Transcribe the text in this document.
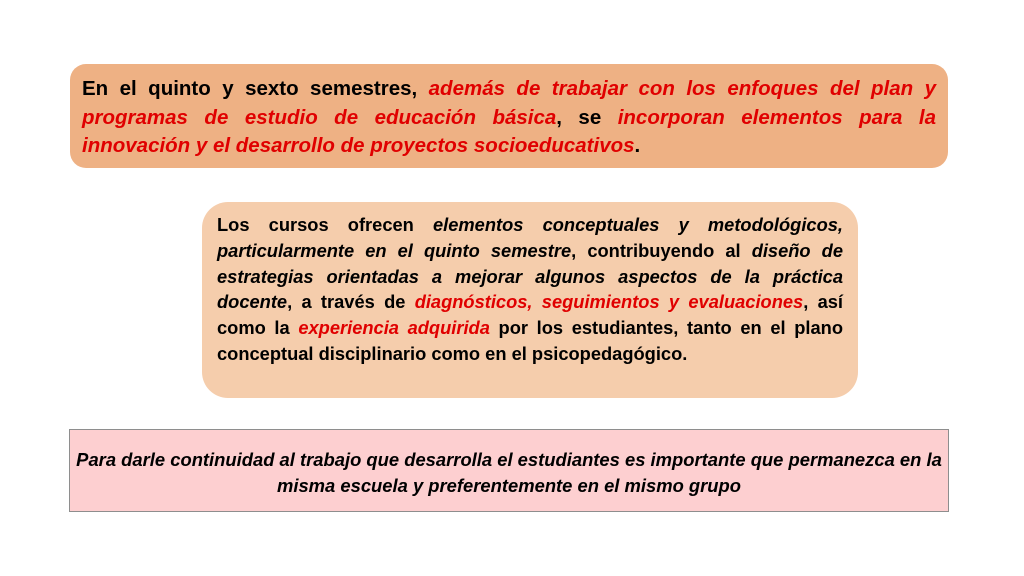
En el quinto y sexto semestres, además de trabajar con los enfoques del plan y programas de estudio de educación básica, se incorporan elementos para la innovación y el desarrollo de proyectos socioeducativos.
Los cursos ofrecen elementos conceptuales y metodológicos, particularmente en el quinto semestre, contribuyendo al diseño de estrategias orientadas a mejorar algunos aspectos de la práctica docente, a través de diagnósticos, seguimientos y evaluaciones, así como la experiencia adquirida por los estudiantes, tanto en el plano conceptual disciplinario como en el psicopedagógico.
Para darle continuidad al trabajo que desarrolla el estudiantes es importante que permanezca en la misma escuela y preferentemente en el mismo grupo
